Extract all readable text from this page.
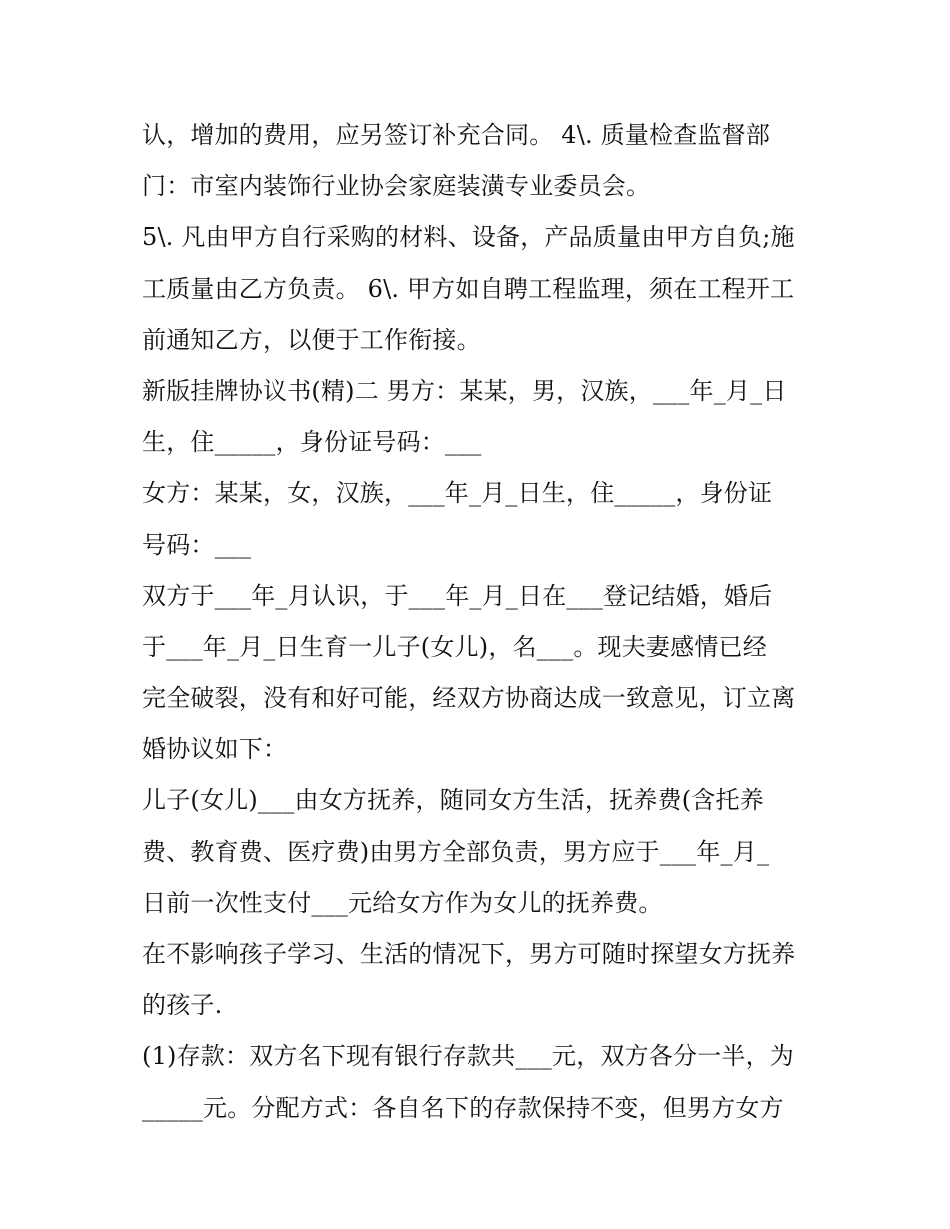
认，增加的费用，应另签订补充合同。 4\. 质量检查监督部
门：市室内装饰行业协会家庭装潢专业委员会。
5\. 凡由甲方自行采购的材料、设备，产品质量由甲方自负;施
工质量由乙方负责。 6\. 甲方如自聘工程监理，须在工程开工
前通知乙方，以便于工作衔接。
新版挂牌协议书(精)二 男方：某某，男，汉族，___年_月_日
生，住_____，身份证号码：___
女方：某某，女，汉族，___年_月_日生，住_____，身份证
号码：___
双方于___年_月认识，于___年_月_日在___登记结婚，婚后
于___年_月_日生育一儿子(女儿)，名___。现夫妻感情已经
完全破裂，没有和好可能，经双方协商达成一致意见，订立离
婚协议如下：
儿子(女儿)___由女方抚养，随同女方生活，抚养费(含托养
费、教育费、医疗费)由男方全部负责，男方应于___年_月_
日前一次性支付___元给女方作为女儿的抚养费。
在不影响孩子学习、生活的情况下，男方可随时探望女方抚养
的孩子.
(1)存款：双方名下现有银行存款共___元，双方各分一半，为
_____元。分配方式：各自名下的存款保持不变，但男方女方
